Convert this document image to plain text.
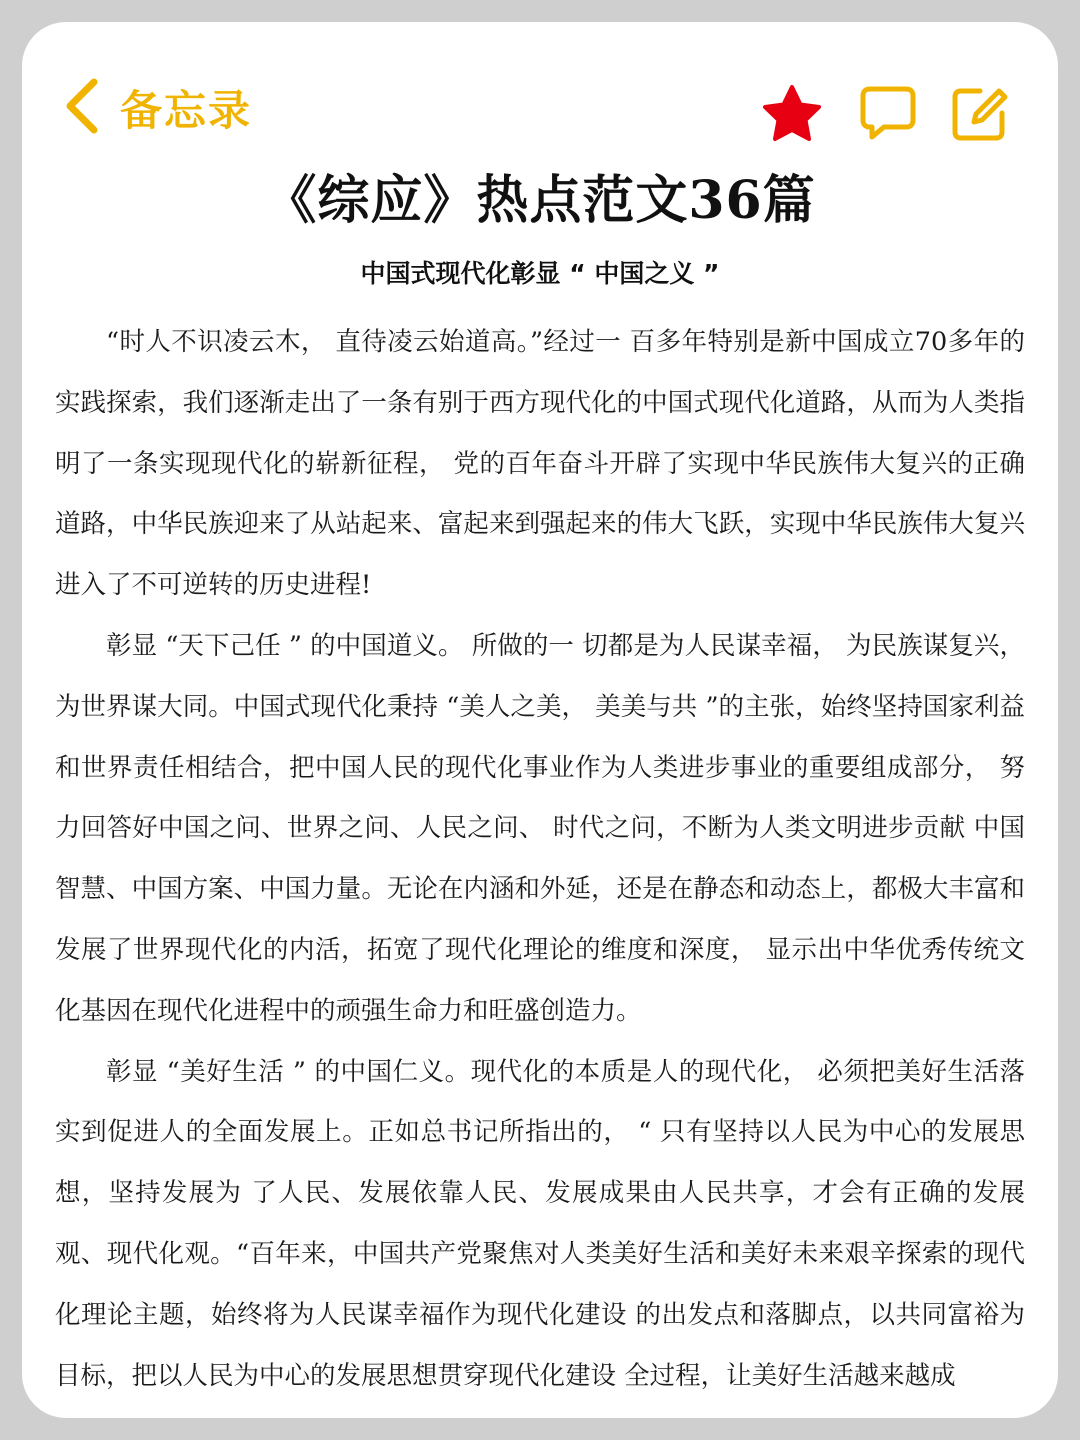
备忘录
《综应》热点范文36篇
中国式现代化彰显 “ 中国之义 ”

“时人不识凌云木， 直待凌云始道高。”经过一 百多年特别是新中国成立70多年的实践探索，我们逐渐走出了一条有别于西方现代化的中国式现代化道路，从而为人类指明了一条实现现代化的崭新征程， 党的百年奋斗开辟了实现中华民族伟大复兴的正确道路，中华民族迎来了从站起来、富起来到强起来的伟大飞跃，实现中华民族伟大复兴进入了不可逆转的历史进程!

彰显 “天下己任 ” 的中国道义。 所做的一 切都是为人民谋幸福， 为民族谋复兴， 为世界谋大同。中国式现代化秉持 “美人之美， 美美与共 ”的主张，始终坚持国家利益和世界责任相结合，把中国人民的现代化事业作为人类进步事业的重要组成部分， 努力回答好中国之问、世界之问、人民之问、 时代之问，不断为人类文明进步贡献 中国智慧、中国方案、中国力量。无论在内涵和外延，还是在静态和动态上，都极大丰富和发展了世界现代化的内活，拓宽了现代化理论的维度和深度， 显示出中华优秀传统文化基因在现代化进程中的顽强生命力和旺盛创造力。

彰显 “美好生活 ” 的中国仁义。现代化的本质是人的现代化， 必须把美好生活落实到促进人的全面发展上。正如总书记所指出的， “ 只有坚持以人民为中心的发展思想，坚持发展为 了人民、发展依靠人民、发展成果由人民共享，才会有正确的发展观、现代化观。“百年来，中国共产党聚焦对人类美好生活和美好未来艰辛探索的现代化理论主题，始终将为人民谋幸福作为现代化建设 的出发点和落脚点，以共同富裕为目标，把以人民为中心的发展思想贯穿现代化建设 全过程，让美好生活越来越成
